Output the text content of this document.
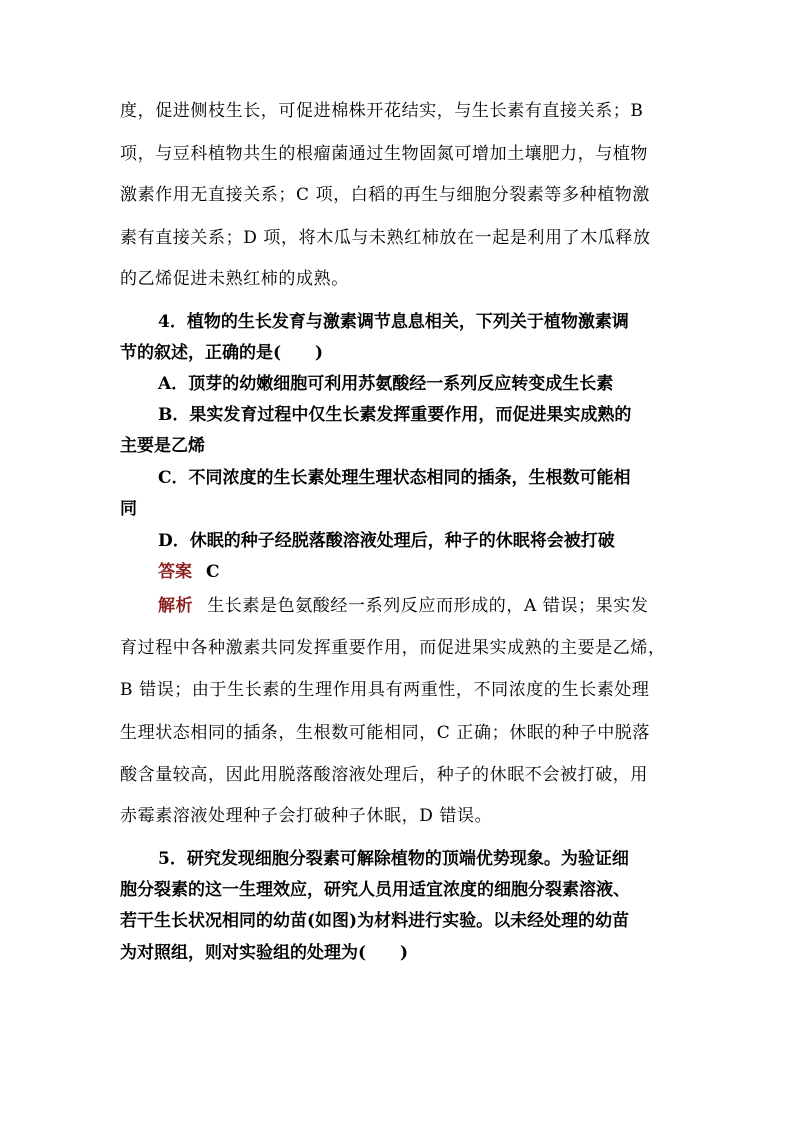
度，促进侧枝生长，可促进棉株开花结实，与生长素有直接关系；B
项，与豆科植物共生的根瘤菌通过生物固氮可增加土壤肥力，与植物
激素作用无直接关系；C 项，白稻的再生与细胞分裂素等多种植物激
素有直接关系；D 项，将木瓜与未熟红柿放在一起是利用了木瓜释放
的乙烯促进未熟红柿的成熟。
4．植物的生长发育与激素调节息息相关，下列关于植物激素调
节的叙述，正确的是(　　)
A．顶芽的幼嫩细胞可利用苏氨酸经一系列反应转变成生长素
B．果实发育过程中仅生长素发挥重要作用，而促进果实成熟的
主要是乙烯
C．不同浓度的生长素处理生理状态相同的插条，生根数可能相
同
D．休眠的种子经脱落酸溶液处理后，种子的休眠将会被打破
答案 C
解析 生长素是色氨酸经一系列反应而形成的，A 错误；果实发
育过程中各种激素共同发挥重要作用，而促进果实成熟的主要是乙烯，
B 错误；由于生长素的生理作用具有两重性，不同浓度的生长素处理
生理状态相同的插条，生根数可能相同，C 正确；休眠的种子中脱落
酸含量较高，因此用脱落酸溶液处理后，种子的休眠不会被打破，用
赤霉素溶液处理种子会打破种子休眠，D 错误。
5．研究发现细胞分裂素可解除植物的顶端优势现象。为验证细
胞分裂素的这一生理效应，研究人员用适宜浓度的细胞分裂素溶液、
若干生长状况相同的幼苗(如图)为材料进行实验。以未经处理的幼苗
为对照组，则对实验组的处理为(　　)
